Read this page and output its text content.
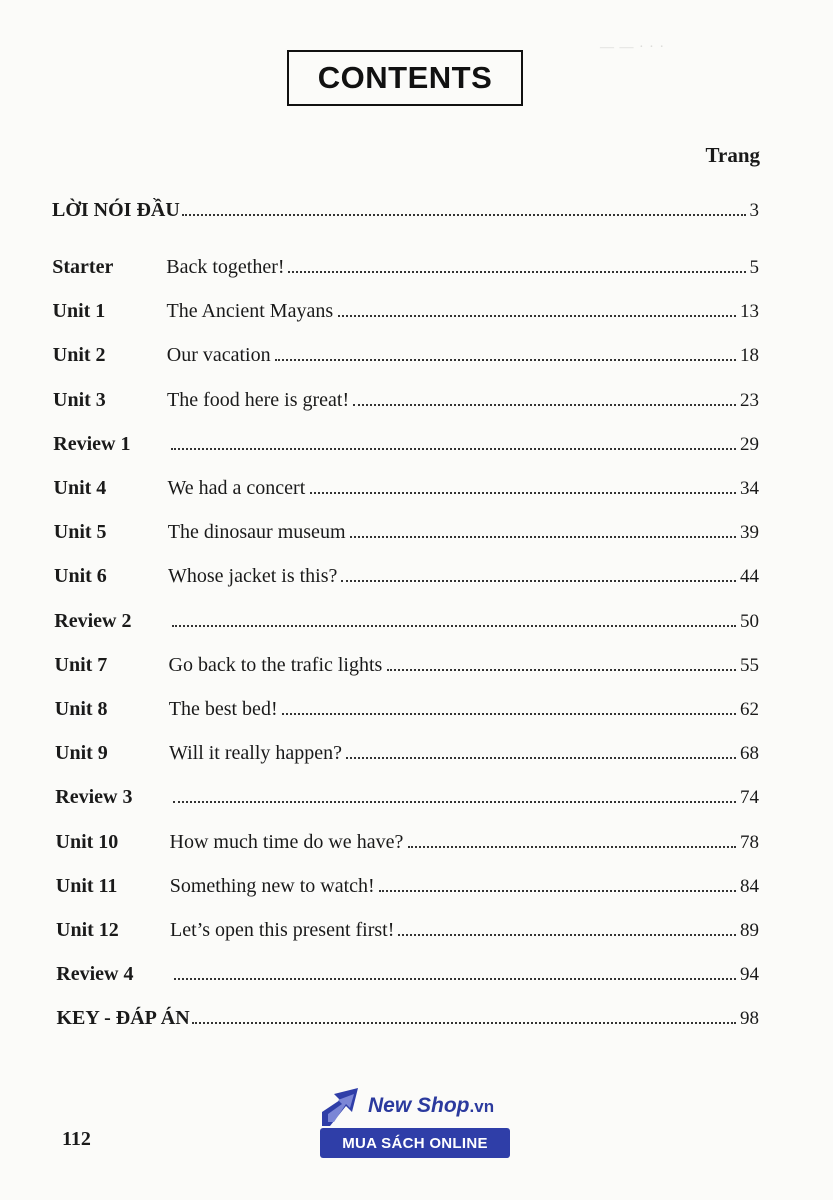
— — · · ·
CONTENTS
Trang
LỜI NÓI ĐẦU	3
Starter	Back together!	5
Unit 1	The Ancient Mayans	13
Unit 2	Our vacation	18
Unit 3	The food here is great!	23
Review 1	29
Unit 4	We had a concert	34
Unit 5	The dinosaur museum	39
Unit 6	Whose jacket is this?	44
Review 2	50
Unit 7	Go back to the trafic lights	55
Unit 8	The best bed!	62
Unit 9	Will it really happen?	68
Review 3	74
Unit 10	How much time do we have?	78
Unit 11	Something new to watch!	84
Unit 12	Let’s open this present first!	89
Review 4	94
KEY - ĐÁP ÁN	98
112
New Shop.vn
MUA SÁCH ONLINE
